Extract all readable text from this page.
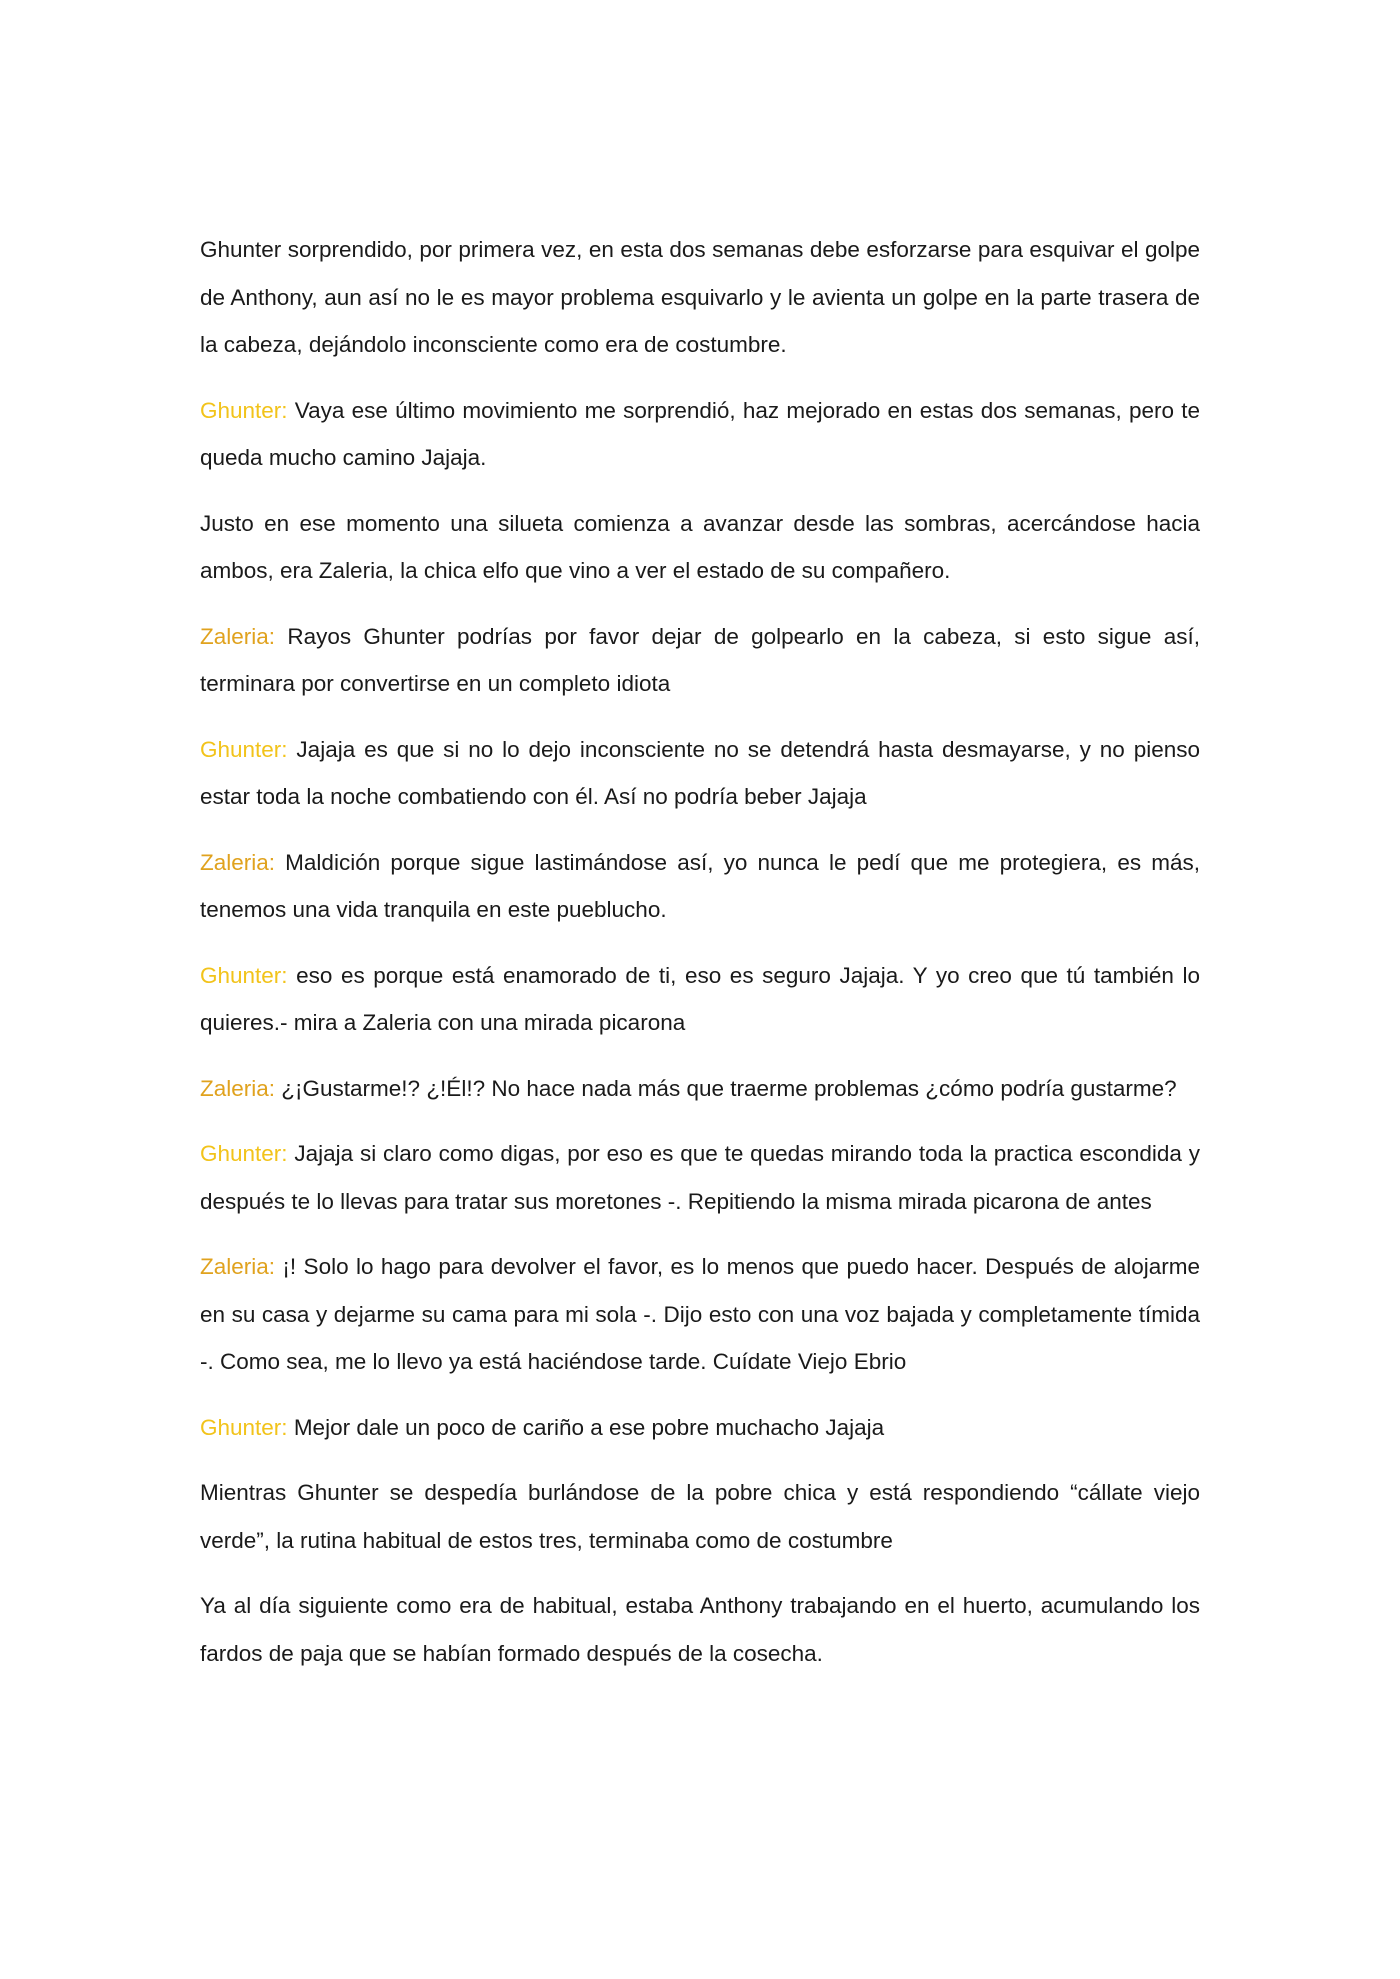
Ghunter sorprendido, por primera vez, en esta dos semanas debe esforzarse para esquivar el golpe de Anthony, aun así no le es mayor problema esquivarlo y le avienta un golpe en la parte trasera de la cabeza, dejándolo inconsciente como era de costumbre.

Ghunter: Vaya ese último movimiento me sorprendió, haz mejorado en estas dos semanas, pero te queda mucho camino Jajaja.

Justo en ese momento una silueta comienza a avanzar desde las sombras, acercándose hacia ambos, era Zaleria, la chica elfo que vino a ver el estado de su compañero.

Zaleria: Rayos Ghunter podrías por favor dejar de golpearlo en la cabeza, si esto sigue así, terminara por convertirse en un completo idiota

Ghunter: Jajaja es que si no lo dejo inconsciente no se detendrá hasta desmayarse, y no pienso estar toda la noche combatiendo con él. Así no podría beber Jajaja

Zaleria: Maldición porque sigue lastimándose así, yo nunca le pedí que me protegiera, es más, tenemos una vida tranquila en este pueblucho.

Ghunter: eso es porque está enamorado de ti, eso es seguro Jajaja. Y yo creo que tú también lo quieres.- mira a Zaleria con una mirada picarona

Zaleria: ¿¡Gustarme!? ¿!Él!? No hace nada más que traerme problemas ¿cómo podría gustarme?

Ghunter: Jajaja si claro como digas, por eso es que te quedas mirando toda la practica escondida y después te lo llevas para tratar sus moretones -. Repitiendo la misma mirada picarona de antes

Zaleria: ¡! Solo lo hago para devolver el favor, es lo menos que puedo hacer. Después de alojarme en su casa y dejarme su cama para mi sola -. Dijo esto con una voz bajada y completamente tímida -. Como sea, me lo llevo ya está haciéndose tarde. Cuídate Viejo Ebrio

Ghunter: Mejor dale un poco de cariño a ese pobre muchacho Jajaja

Mientras Ghunter se despedía burlándose de la pobre chica y está respondiendo “cállate viejo verde”, la rutina habitual de estos tres, terminaba como de costumbre

Ya al día siguiente como era de habitual, estaba Anthony trabajando en el huerto, acumulando los fardos de paja que se habían formado después de la cosecha.
